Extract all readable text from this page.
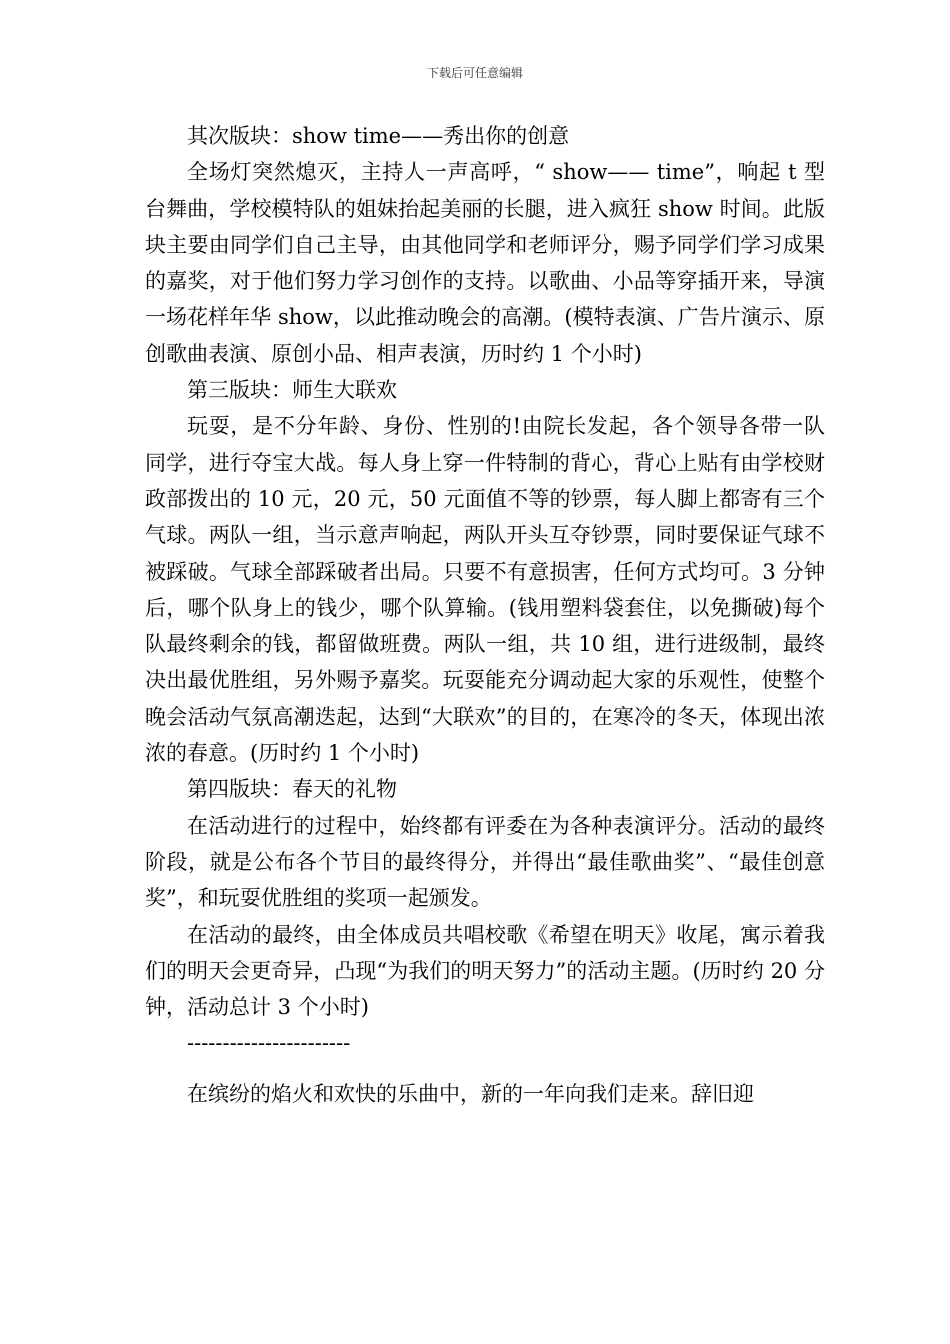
下载后可任意编辑

其次版块：show time——秀出你的创意

全场灯突然熄灭，主持人一声高呼，“ show—— time”，响起 t 型台舞曲，学校模特队的姐妹抬起美丽的长腿，进入疯狂 show 时间。此版块主要由同学们自己主导，由其他同学和老师评分，赐予同学们学习成果的嘉奖，对于他们努力学习创作的支持。以歌曲、小品等穿插开来，导演一场花样年华 show，以此推动晚会的高潮。(模特表演、广告片演示、原创歌曲表演、原创小品、相声表演，历时约 1 个小时)

第三版块：师生大联欢

玩耍，是不分年龄、身份、性别的!由院长发起，各个领导各带一队同学，进行夺宝大战。每人身上穿一件特制的背心，背心上贴有由学校财政部拨出的 10 元，20 元，50 元面值不等的钞票，每人脚上都寄有三个气球。两队一组，当示意声响起，两队开头互夺钞票，同时要保证气球不被踩破。气球全部踩破者出局。只要不有意损害，任何方式均可。3 分钟后，哪个队身上的钱少，哪个队算输。(钱用塑料袋套住，以免撕破)每个队最终剩余的钱，都留做班费。两队一组，共 10 组，进行进级制，最终决出最优胜组，另外赐予嘉奖。玩耍能充分调动起大家的乐观性，使整个晚会活动气氛高潮迭起，达到“大联欢”的目的，在寒冷的冬天，体现出浓浓的春意。(历时约 1 个小时)

第四版块：春天的礼物

在活动进行的过程中，始终都有评委在为各种表演评分。活动的最终阶段，就是公布各个节目的最终得分，并得出“最佳歌曲奖”、“最佳创意奖”，和玩耍优胜组的奖项一起颁发。

在活动的最终，由全体成员共唱校歌《希望在明天》收尾，寓示着我们的明天会更奇异，凸现“为我们的明天努力”的活动主题。(历时约 20 分钟，活动总计 3 个小时)

-----------------------

在缤纷的焰火和欢快的乐曲中，新的一年向我们走来。辞旧迎
